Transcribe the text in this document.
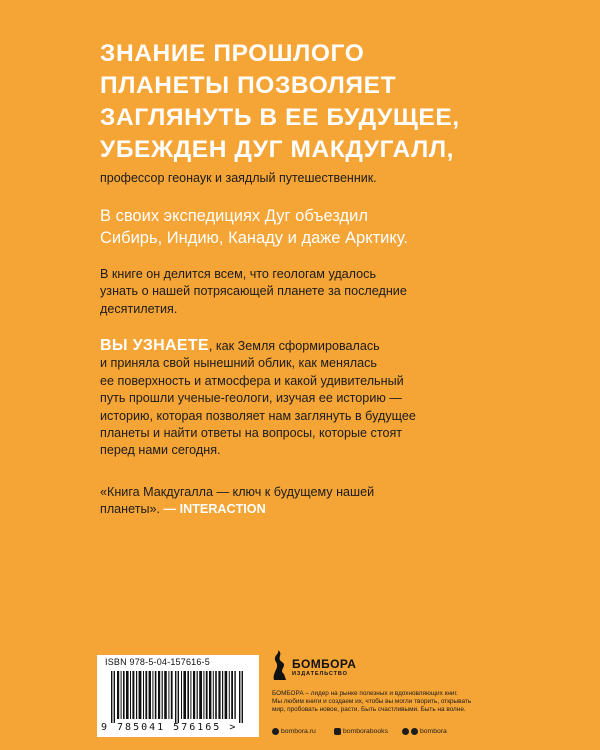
ЗНАНИЕ ПРОШЛОГО
ПЛАНЕТЫ ПОЗВОЛЯЕТ
ЗАГЛЯНУТЬ В ЕЕ БУДУЩЕЕ,
УБЕЖДЕН ДУГ МАКДУГАЛЛ,
профессор геонаук и заядлый путешественник.

В своих экспедициях Дуг объездил
Сибирь, Индию, Канаду и даже Арктику.

В книге он делится всем, что геологам удалось
узнать о нашей потрясающей планете за последние
десятилетия.

ВЫ УЗНАЕТЕ, как Земля сформировалась
и приняла свой нынешний облик, как менялась
ее поверхность и атмосфера и какой удивительный
путь прошли ученые-геологи, изучая ее историю —
историю, которая позволяет нам заглянуть в будущее
планеты и найти ответы на вопросы, которые стоят
перед нами сегодня.

«Книга Макдугалла — ключ к будущему нашей
планеты». — INTERACTION

ISBN 978-5-04-157616-5
9 785041 576165 >
БОМБОРА
ИЗДАТЕЛЬСТВО
БОМБОРА – лидер на рынке полезных и вдохновляющих книг.
Мы любим книги и создаем их, чтобы вы могли творить, открывать
мир, пробовать новое, расти. Быть счастливыми. Быть на волне.
bombora.ru	bomborabooks	bombora
